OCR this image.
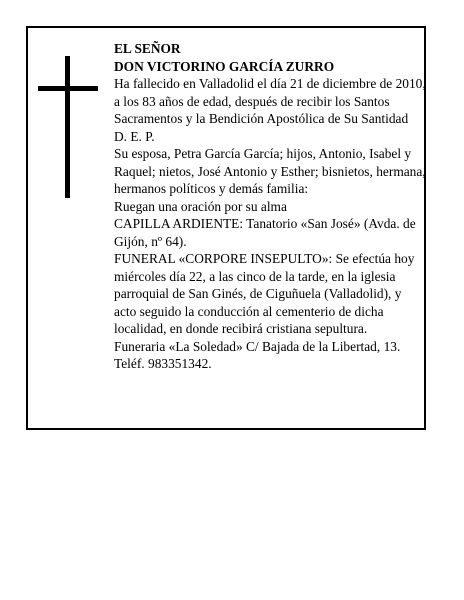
EL SEÑOR

DON VICTORINO GARCÍA ZURRO

Ha fallecido en Valladolid el día 21 de diciembre de 2010, a los 83 años de edad, después de recibir los Santos Sacramentos y la Bendición Apostólica de Su Santidad

D. E. P.

Su esposa, Petra García García; hijos, Antonio, Isabel y Raquel; nietos, José Antonio y Esther; bisnietos, hermana, hermanos políticos y demás familia:

Ruegan una oración por su alma

CAPILLA ARDIENTE: Tanatorio «San José» (Avda. de Gijón, nº 64).

FUNERAL «CORPORE INSEPULTO»: Se efectúa hoy miércoles día 22, a las cinco de la tarde, en la iglesia parroquial de San Ginés, de Ciguñuela (Valladolid), y acto seguido la conducción al cementerio de dicha localidad, en donde recibirá cristiana sepultura.

Funeraria «La Soledad» C/ Bajada de la Libertad, 13. Teléf. 983351342.
